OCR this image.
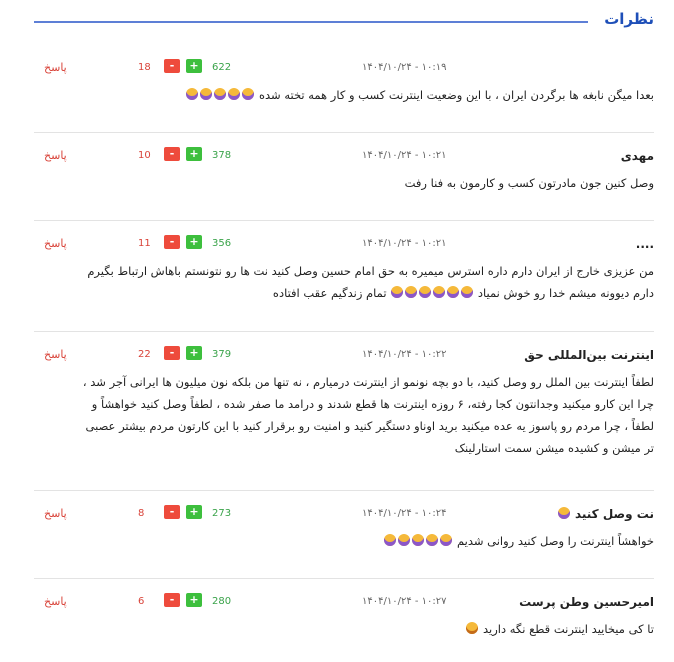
نظرات
۱۴۰۴/۱۰/۲۴ - ۱۰:۱۹
622
+
-
18
پاسخ
بعدا میگن نابغه ها برگردن ایران ، با این وضعیت اینترنت کسب و کار همه تخته شده
مهدی
۱۴۰۴/۱۰/۲۴ - ۱۰:۲۱
378
+
-
10
پاسخ
وصل کنین جون مادرتون کسب و کارمون به فنا رفت
....
۱۴۰۴/۱۰/۲۴ - ۱۰:۲۱
356
+
-
11
پاسخ
من عزیزی خارج از ایران دارم داره استرس میمیره به حق امام حسین وصل کنید نت ها رو نتونستم باهاش ارتباط بگیرم
دارم دیوونه میشم خدا رو خوش نمیاد  تمام زندگیم عقب افتاده
اینترنت بین‌المللی حق
۱۴۰۴/۱۰/۲۴ - ۱۰:۲۲
379
+
-
22
پاسخ
لطفاً اینترنت بین الملل رو وصل کنید، با دو بچه نونمو از اینترنت درمیارم ، نه تنها من بلکه نون میلیون ها ایرانی آجر شد ،
چرا این کارو میکنید وجدانتون کجا رفته، ۶ روزه اینترنت ها قطع شدند و درامد ما صفر شده ، لطفاً وصل کنید خواهشاً و
لطفاً ، چرا مردم رو پاسوز یه عده میکنید برید اوناو دستگیر کنید و امنیت رو برقرار کنید با این کارتون مردم بیشتر عصبی
تر میشن و کشیده میشن سمت استارلینک
نت وصل کنید
۱۴۰۴/۱۰/۲۴ - ۱۰:۲۴
273
+
-
8
پاسخ
خواهشاً اینترنت را وصل کنید روانی شدیم
امیرحسین وطن پرست
۱۴۰۴/۱۰/۲۴ - ۱۰:۲۷
280
+
-
6
پاسخ
تا کی میخایید اینترنت قطع نگه دارید
